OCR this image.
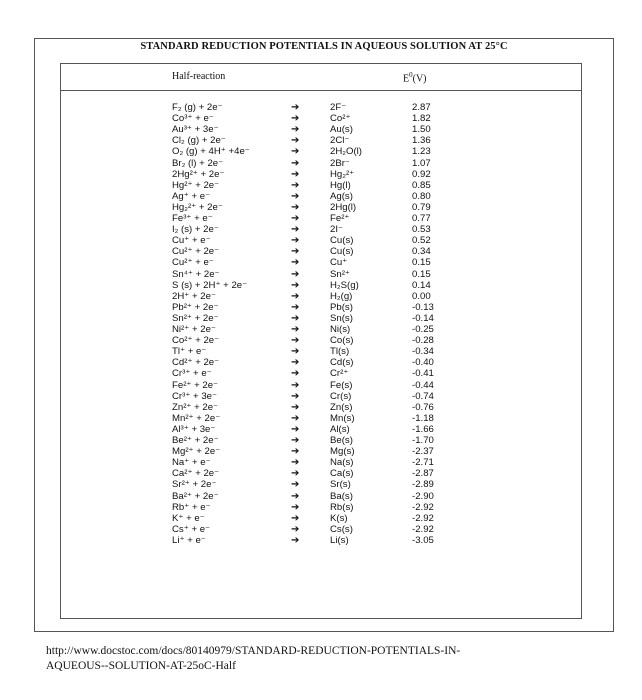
STANDARD REDUCTION POTENTIALS IN AQUEOUS SOLUTION AT 25°C
Half-reaction	$E^0(V)$
F₂ (g) + 2e⁻	➔	2F⁻	2.87
Co³⁺ + e⁻	➔	Co²⁺	1.82
Au³⁺ + 3e⁻	➔	Au(s)	1.50
Cl₂ (g) + 2e⁻	➔	2Cl⁻	1.36
O₂ (g) + 4H⁺ +4e⁻	➔	2H₂O(l)	1.23
Br₂ (l) + 2e⁻	➔	2Br⁻	1.07
2Hg²⁺ + 2e⁻	➔	Hg₂²⁺	0.92
Hg²⁺ + 2e⁻	➔	Hg(l)	0.85
Ag⁺ + e⁻	➔	Ag(s)	0.80
Hg₂²⁺ + 2e⁻	➔	2Hg(l)	0.79
Fe³⁺ + e⁻	➔	Fe²⁺	0.77
I₂ (s) + 2e⁻	➔	2I⁻	0.53
Cu⁺ + e⁻	➔	Cu(s)	0.52
Cu²⁺ + 2e⁻	➔	Cu(s)	0.34
Cu²⁺ + e⁻	➔	Cu⁺	0.15
Sn⁴⁺ + 2e⁻	➔	Sn²⁺	0.15
S (s) + 2H⁺ + 2e⁻	➔	H₂S(g)	0.14
2H⁺ + 2e⁻	➔	H₂(g)	0.00
Pb²⁺ + 2e⁻	➔	Pb(s)	-0.13
Sn²⁺ + 2e⁻	➔	Sn(s)	-0.14
Ni²⁺ + 2e⁻	➔	Ni(s)	-0.25
Co²⁺ + 2e⁻	➔	Co(s)	-0.28
Tl⁺ + e⁻	➔	Tl(s)	-0.34
Cd²⁺ + 2e⁻	➔	Cd(s)	-0.40
Cr³⁺ + e⁻	➔	Cr²⁺	-0.41
Fe²⁺ + 2e⁻	➔	Fe(s)	-0.44
Cr³⁺ + 3e⁻	➔	Cr(s)	-0.74
Zn²⁺ + 2e⁻	➔	Zn(s)	-0.76
Mn²⁺ + 2e⁻	➔	Mn(s)	-1.18
Al³⁺ + 3e⁻	➔	Al(s)	-1.66
Be²⁺ + 2e⁻	➔	Be(s)	-1.70
Mg²⁺ + 2e⁻	➔	Mg(s)	-2.37
Na⁺ + e⁻	➔	Na(s)	-2.71
Ca²⁺ + 2e⁻	➔	Ca(s)	-2.87
Sr²⁺ + 2e⁻	➔	Sr(s)	-2.89
Ba²⁺ + 2e⁻	➔	Ba(s)	-2.90
Rb⁺ + e⁻	➔	Rb(s)	-2.92
K⁺ + e⁻	➔	K(s)	-2.92
Cs⁺ + e⁻	➔	Cs(s)	-2.92
Li⁺ + e⁻	➔	Li(s)	-3.05
http://www.docstoc.com/docs/80140979/STANDARD-REDUCTION-POTENTIALS-IN-
AQUEOUS--SOLUTION-AT-25oC-Half
